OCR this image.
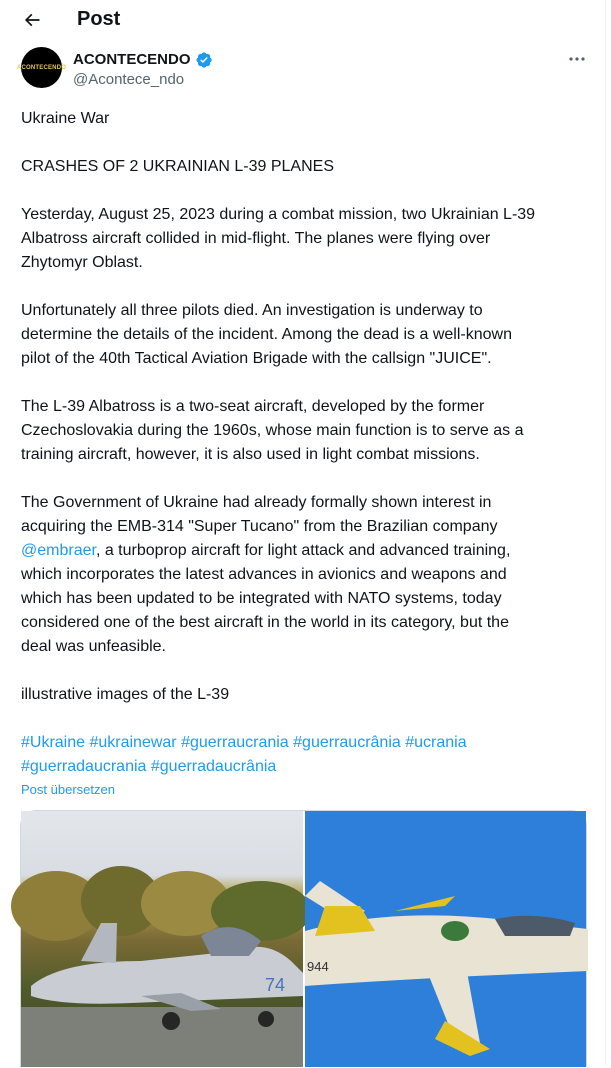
Post
ACONTECENDO ACONTECENDO
@Acontece_ndo

Ukraine War

CRASHES OF 2 UKRAINIAN L-39 PLANES

Yesterday, August 25, 2023 during a combat mission, two Ukrainian L-39

Albatross aircraft collided in mid-flight. The planes were flying over

Zhytomyr Oblast.

Unfortunately all three pilots died. An investigation is underway to

determine the details of the incident. Among the dead is a well-known

pilot of the 40th Tactical Aviation Brigade with the callsign "JUICE".

The L-39 Albatross is a two-seat aircraft, developed by the former

Czechoslovakia during the 1960s, whose main function is to serve as a

training aircraft, however, it is also used in light combat missions.

The Government of Ukraine had already formally shown interest in

acquiring the EMB-314 "Super Tucano" from the Brazilian company

@embraer, a turboprop aircraft for light attack and advanced training,

which incorporates the latest advances in avionics and weapons and

which has been updated to be integrated with NATO systems, today

considered one of the best aircraft in the world in its category, but the

deal was unfeasible.

illustrative images of the L-39

#Ukraine #ukrainewar #guerraucrania #guerraucrânia #ucrania

#guerradaucrania #guerradaucrânia

Post übersetzen
74
944
